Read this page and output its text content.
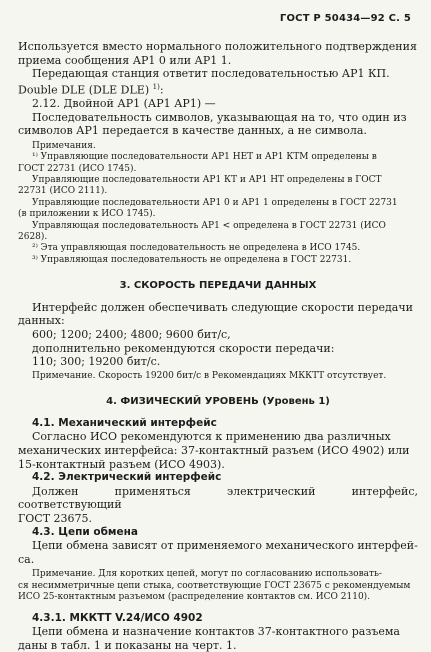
ГОСТ Р 50434—92 С. 5

Используется вместо нормального положительного подтверждения

приема сообщения АР1 0 или АР1 1.

Передающая станция ответит последовательностью АР1 КП.

Double DLE (DLE DLE) $^{1)}$:

2.12. Двойной АР1 (АР1 АР1) —

Последовательность символов, указывающая на то, что один из

символов АР1 передается в качестве данных, а не символа.

Примечания.

¹⁾ Управляющие последовательности АР1 НЕТ и АР1 КТМ определены в

ГОСТ 22731 (ИСО 1745).

Управляющие последовательности АР1 КТ и АР1 НТ определены в ГОСТ

22731 (ИСО 2111).

Управляющие последовательности АР1 0 и АР1 1 определены в ГОСТ 22731

(в приложении к ИСО 1745).

Управляющая последовательность АР1 < определена в ГОСТ 22731 (ИСО

2628).

²⁾ Эта управляющая последовательность не определена в ИСО 1745.

³⁾ Управляющая последовательность не определена в ГОСТ 22731.

3. СКОРОСТЬ ПЕРЕДАЧИ ДАННЫХ

Интерфейс должен обеспечивать следующие скорости передачи

данных:

600; 1200; 2400; 4800; 9600 бит/с,

дополнительно рекомендуются скорости передачи:

110; 300; 19200 бит/с.

Примечание. Скорость 19200 бит/с в Рекомендациях МККТТ отсутствует.

4. ФИЗИЧЕСКИЙ УРОВЕНЬ (Уровень 1)

4.1. Механический интерфейс

Согласно ИСО рекомендуются к применению два различных

механических интерфейса: 37-контактный разъем (ИСО 4902) или

15-контактный разъем (ИСО 4903).

4.2. Электрический интерфейс

Должен применяться электрический интерфейс, соответствующий

ГОСТ 23675.

4.3. Цепи обмена

Цепи обмена зависят от применяемого механического интерфей-

са.

Примечание. Для коротких цепей, могут по согласованию использовать-

ся несимметричные цепи стыка, соответствующие ГОСТ 23675 с рекомендуемым

ИСО 25-контактным разъемом (распределение контактов см. ИСО 2110).

4.3.1. МККТТ V.24/ИСО 4902

Цепи обмена и назначение контактов 37-контактного разъема

даны в табл. 1 и показаны на черт. 1.
